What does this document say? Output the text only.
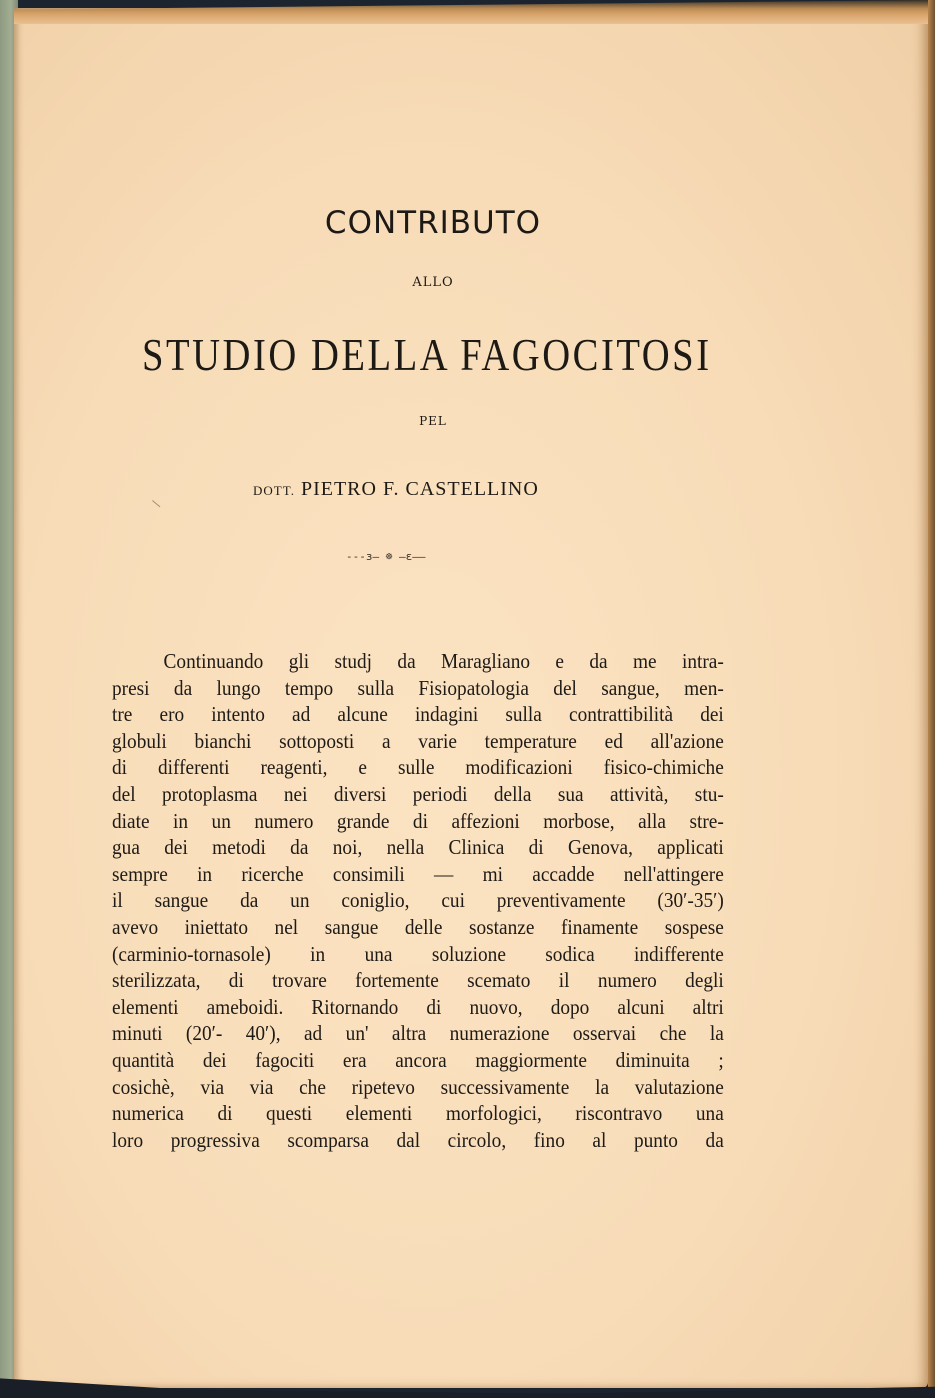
CONTRIBUTO
ALLO
STUDIO DELLA FAGOCITOSI
PEL
DOTT. PIETRO F. CASTELLINO
---ɜ— ☸ —ɛ——
Continuando gli studj da Maragliano e da me intra-
presi da lungo tempo sulla Fisiopatologia del sangue, men-
tre ero intento ad alcune indagini sulla contrattibilità dei
globuli bianchi sottoposti a varie temperature ed all'azione
di differenti reagenti, e sulle modificazioni fisico-chimiche
del protoplasma nei diversi periodi della sua attività, stu-
diate in un numero grande di affezioni morbose, alla stre-
gua dei metodi da noi, nella Clinica di Genova, applicati
sempre in ricerche consimili — mi accadde nell'attingere
il sangue da un coniglio, cui preventivamente (30′-35′)
avevo iniettato nel sangue delle sostanze finamente sospese
(carminio-tornasole) in una soluzione sodica indifferente
sterilizzata, di trovare fortemente scemato il numero degli
elementi ameboidi. Ritornando di nuovo, dopo alcuni altri
minuti (20′- 40′), ad un' altra numerazione osservai che la
quantità dei fagociti era ancora maggiormente diminuita ;
cosichè, via via che ripetevo successivamente la valutazione
numerica di questi elementi morfologici, riscontravo una
loro progressiva scomparsa dal circolo, fino al punto da
